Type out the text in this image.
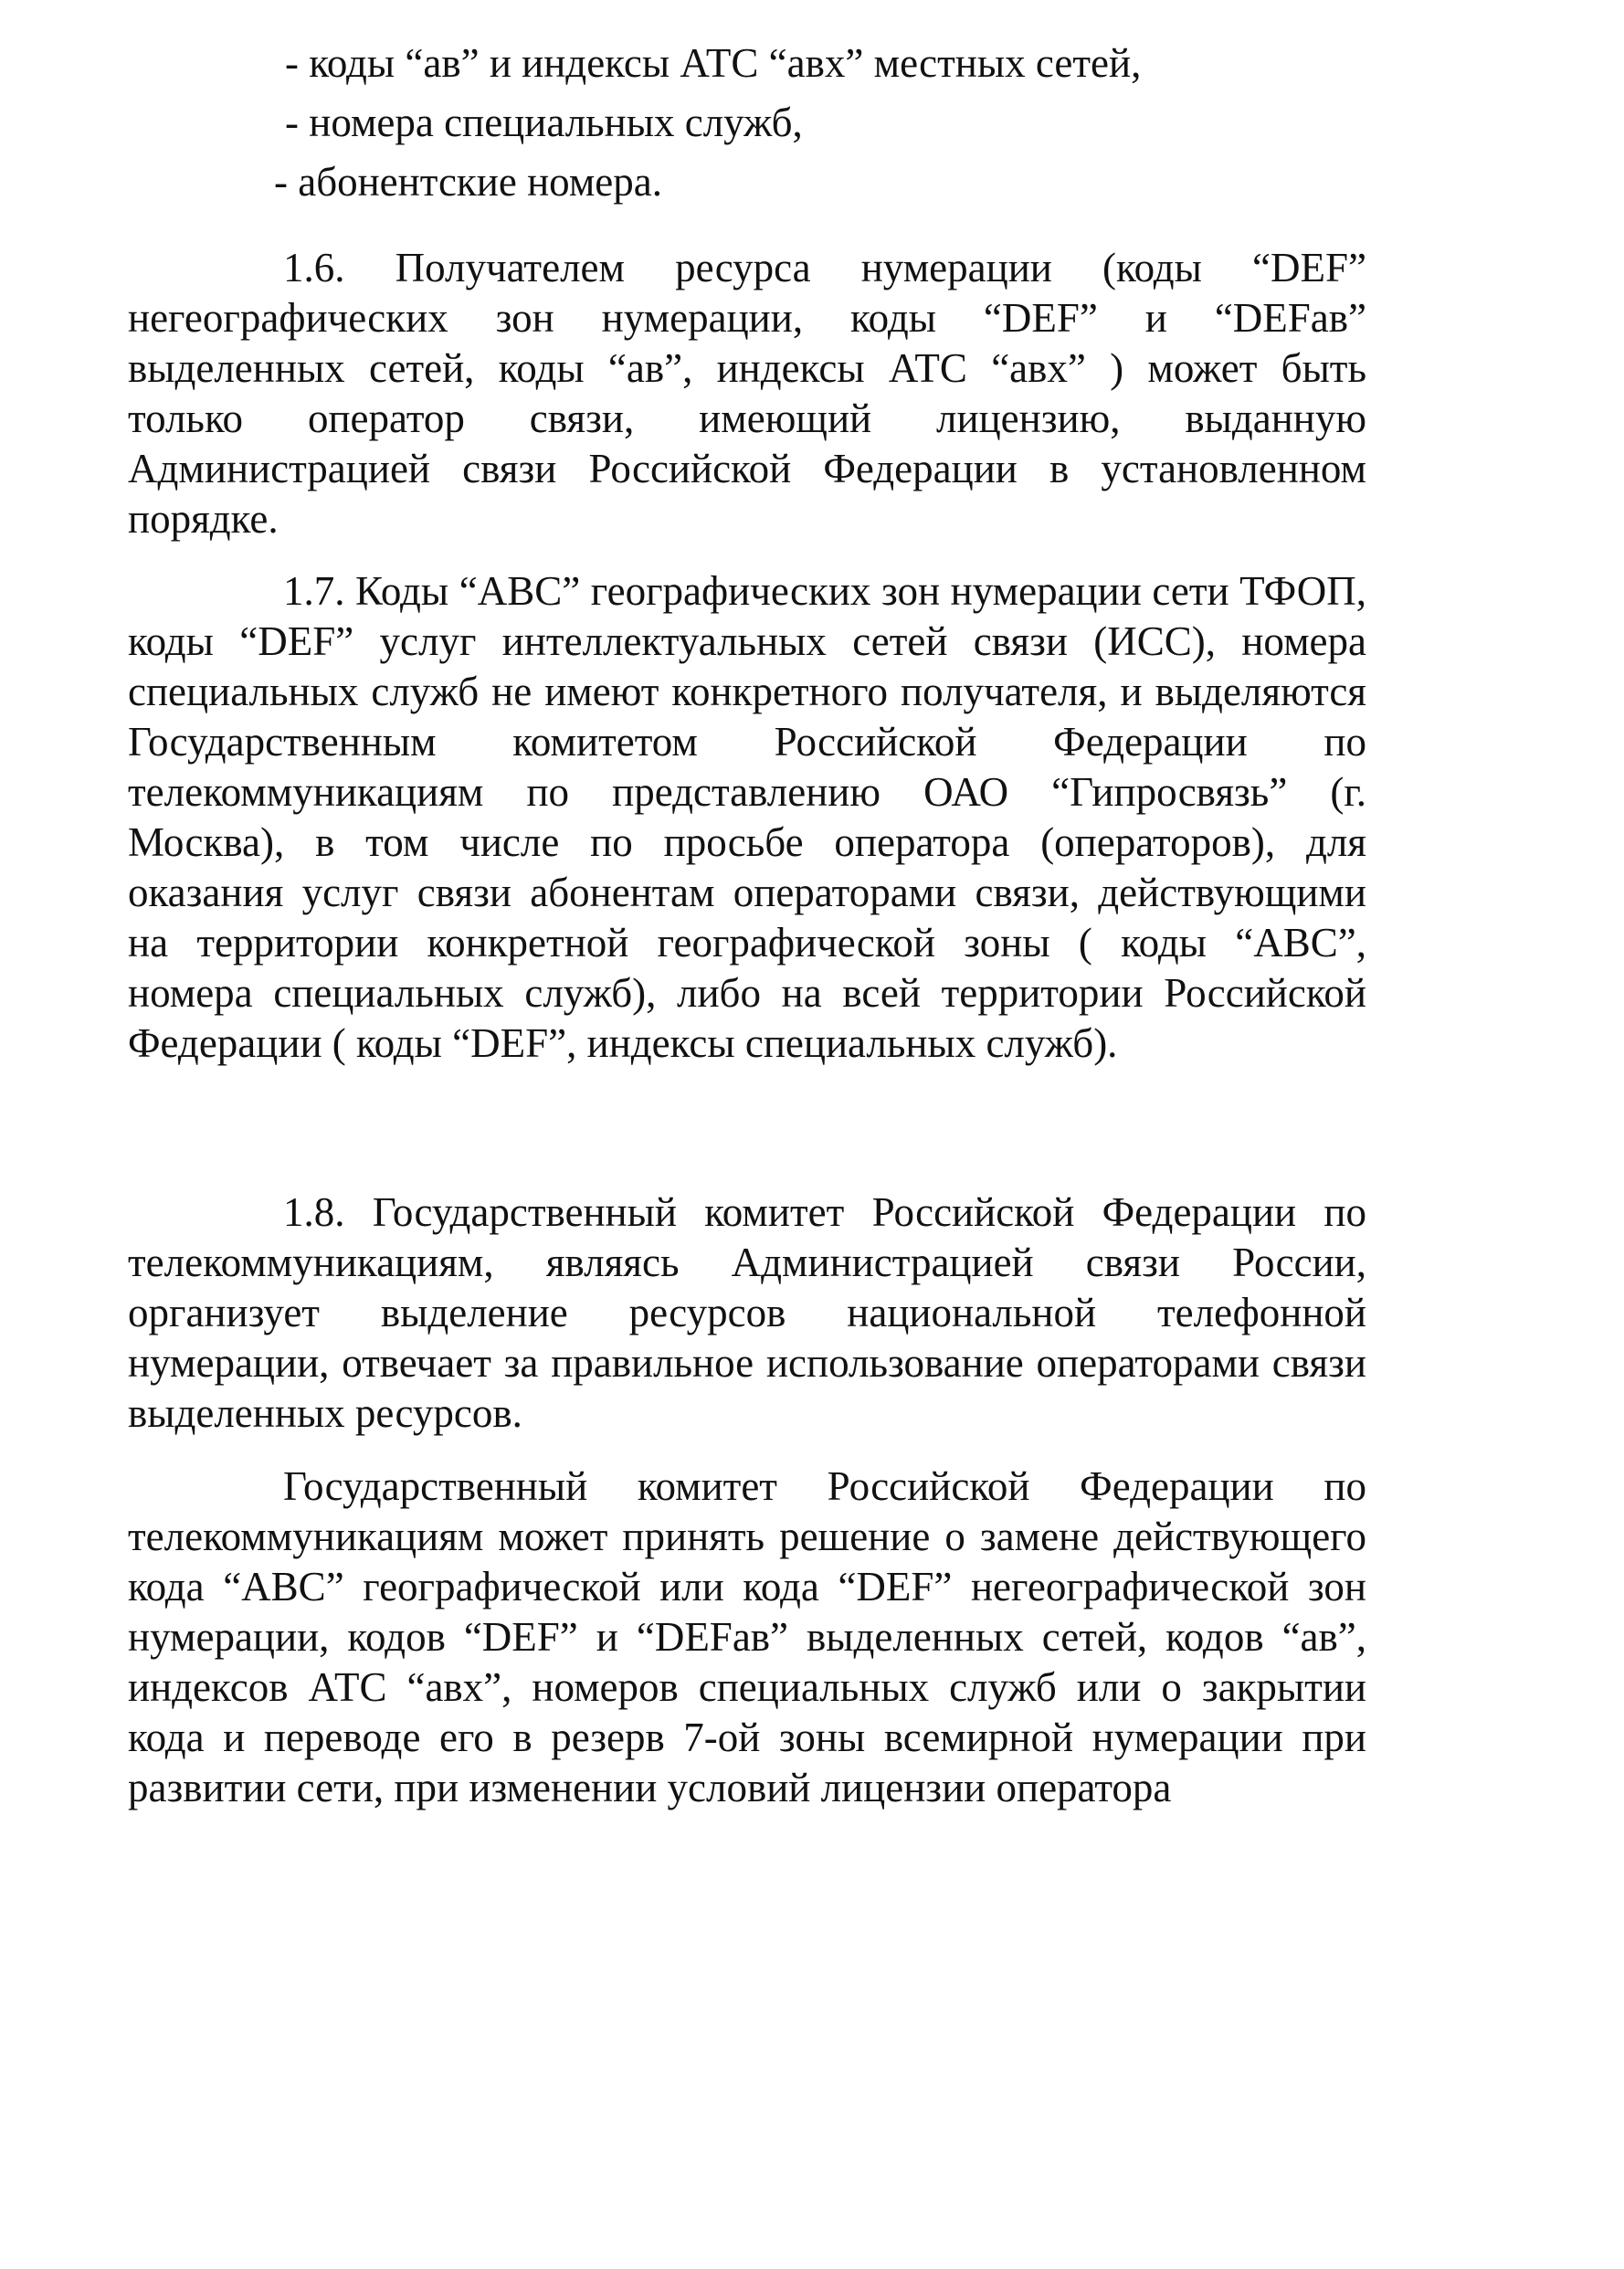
- коды “ав” и индексы АТС “авх” местных сетей,
- номера специальных служб,
- абонентские номера.

1.6. Получателем ресурса нумерации (коды “DEF” негеографических зон нумерации, коды “DEF” и “DEFав” выделенных сетей, коды “ав”, индексы АТС “авх” ) может быть только оператор связи, имеющий лицензию, выданную Администрацией связи Российской Федерации в установленном порядке.

1.7. Коды “ABC” географических зон нумерации сети ТФОП, коды “DEF” услуг интеллектуальных сетей связи (ИСС), номера специальных служб не имеют конкретного получателя, и выделяются Государственным комитетом Российской Федерации по телекоммуникациям по представлению ОАО “Гипросвязь” (г. Москва), в том числе по просьбе оператора (операторов), для оказания услуг связи абонентам операторами связи, действующими на территории конкретной географической зоны ( коды “ABC”, номера специальных служб), либо на всей территории Российской Федерации ( коды “DEF”, индексы специальных служб).

1.8. Государственный комитет Российской Федерации по телекоммуникациям, являясь Администрацией связи России, организует выделение ресурсов национальной телефонной нумерации, отвечает за правильное использование операторами связи выделенных ресурсов.

Государственный комитет Российской Федерации по телекоммуникациям может принять решение о замене действующего кода “ABC” географической или кода “DEF” негеографической зон нумерации, кодов “DEF” и “DEFав” выделенных сетей, кодов “ав”, индексов АТС “авх”, номеров специальных служб или о закрытии кода и переводе его в резерв 7-ой зоны всемирной нумерации при развитии сети, при изменении условий лицензии оператора
